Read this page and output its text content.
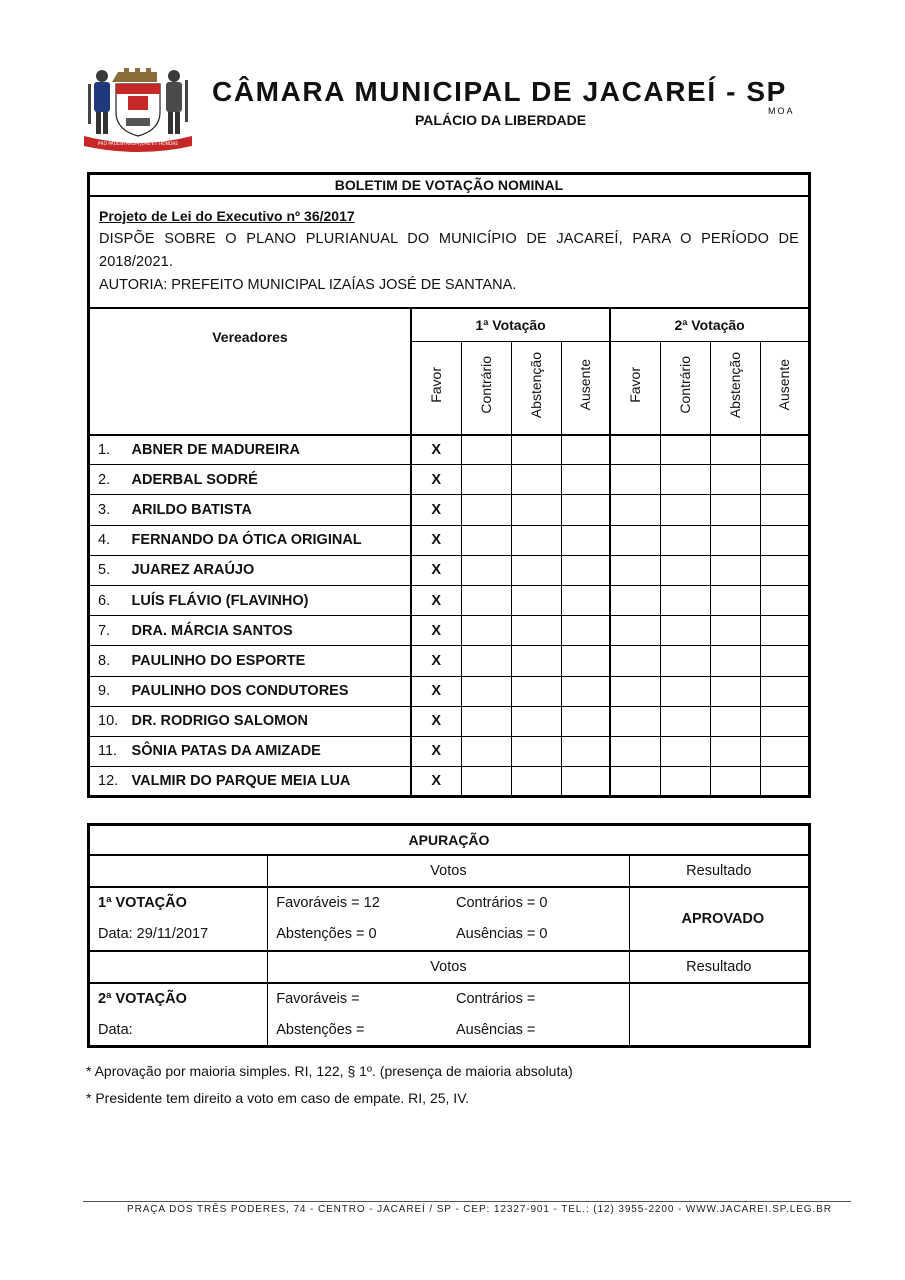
PRO PAULISTARUM JURE ET HONORE
CÂMARA MUNICIPAL DE JACAREÍ - SP
PALÁCIO DA LIBERDADE
MOA
BOLETIM DE VOTAÇÃO NOMINAL									

Projeto de Lei do Executivo nº 36/2017
DISPÕE SOBRE O PLANO PLURIANUAL DO MUNICÍPIO DE JACAREÍ, PARA O PERÍODO DE 2018/2021.
AUTORIA: PREFEITO MUNICIPAL IZAÍAS JOSÉ DE SANTANA.									

Vereadores		1ª Votação				2ª Votação			

		Favor	Contrário	Abstenção	Ausente	Favor	Contrário	Abstenção	Ausente

1.	ABNER DE MADUREIRA	X							
2.	ADERBAL SODRÉ	X							
3.	ARILDO BATISTA	X							
4.	FERNANDO DA ÓTICA ORIGINAL	X							
5.	JUAREZ ARAÚJO	X							
6.	LUÍS FLÁVIO (FLAVINHO)	X							
7.	DRA. MÁRCIA SANTOS	X							
8.	PAULINHO DO ESPORTE	X							
9.	PAULINHO DOS CONDUTORES	X							
10.	DR. RODRIGO SALOMON	X							
11.	SÔNIA PATAS DA AMIZADE	X							
12.	VALMIR DO PARQUE MEIA LUA	X							
APURAÇÃO			
	Votos		Resultado
1ª VOTAÇÃO	Favoráveis = 12	Contrários = 0	APROVADO
Data: 29/11/2017	Abstenções = 0	Ausências = 0	
	Votos		Resultado
2ª VOTAÇÃO	Favoráveis =	Contrários =	
Data:	Abstenções =	Ausências =	
* Aprovação por maioria simples. RI, 122, § 1º. (presença de maioria absoluta)
* Presidente tem direito a voto em caso de empate. RI, 25, IV.
PRAÇA DOS TRÊS PODERES, 74 - CENTRO - JACAREÍ / SP - CEP: 12327-901 - TEL.: (12) 3955-2200 - WWW.JACAREI.SP.LEG.BR
